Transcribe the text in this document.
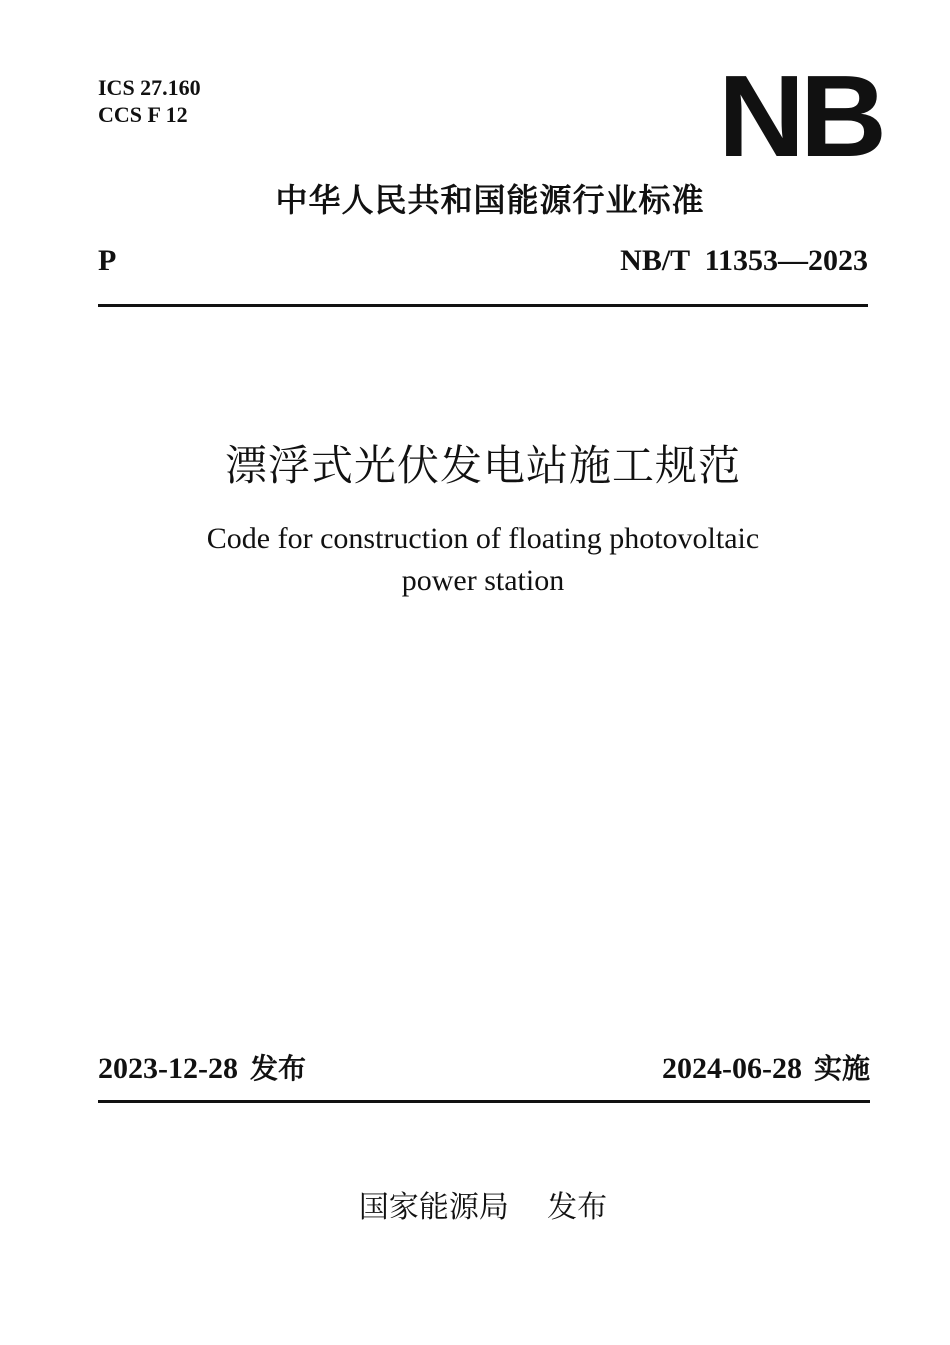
ICS 27.160
CCS F 12	NB
中华人民共和国能源行业标准
P	NB/T  11353—2023
漂浮式光伏发电站施工规范
Code for construction of floating photovoltaic
power station
2023-12-28 发布	2024-06-28 实施
国家能源局 发布
